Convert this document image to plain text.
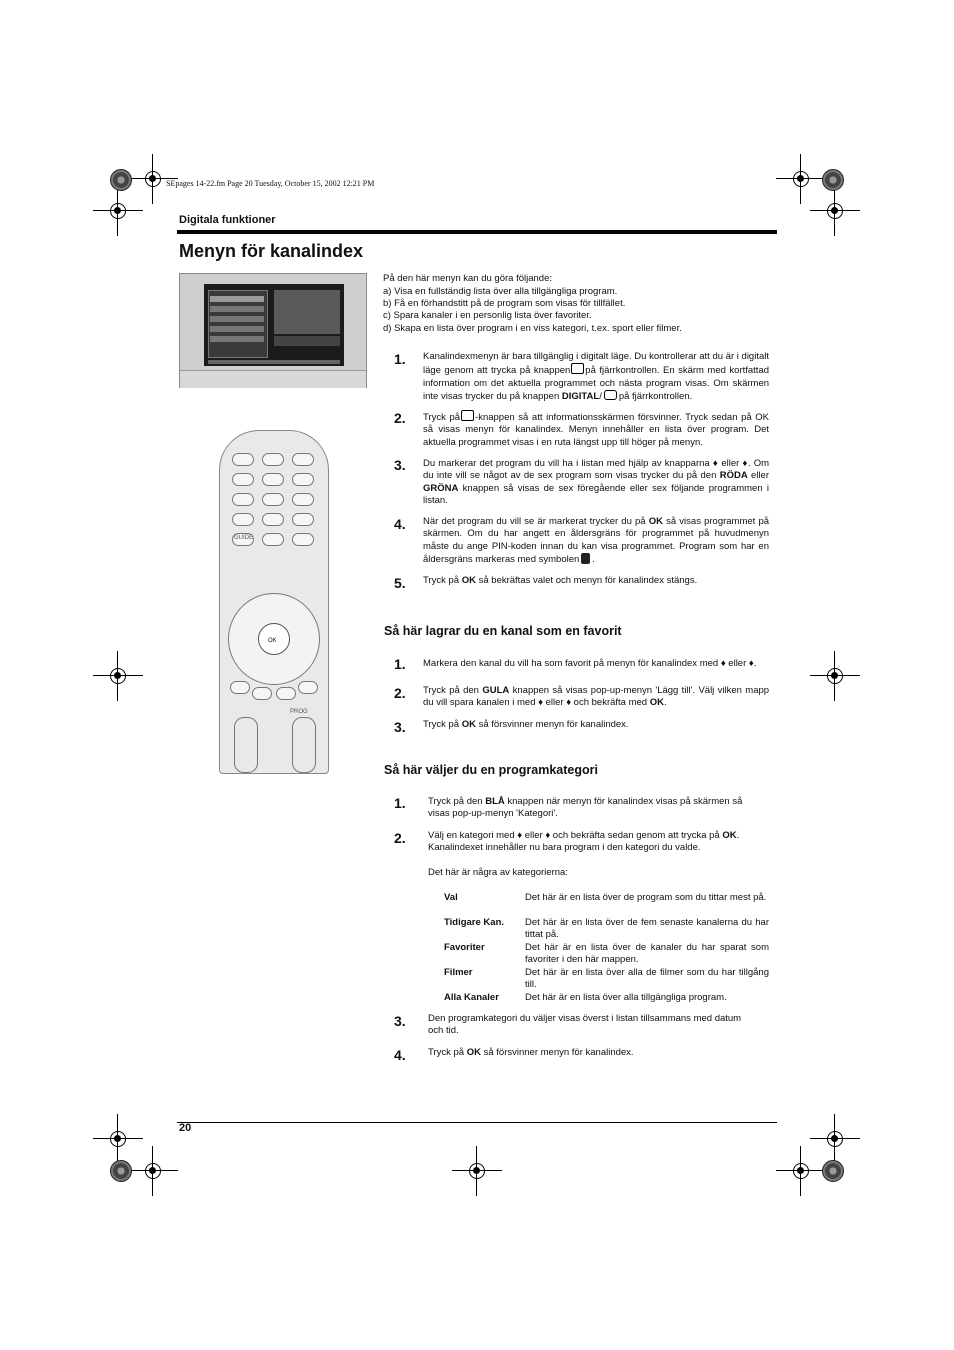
SEpages 14-22.fm Page 20 Tuesday, October 15, 2002 12:21 PM
Digitala funktioner
Menyn för kanalindex
GUIDE
OK
PROG
På den här menyn kan du göra följande:
a) Visa en fullständig lista över alla tillgängliga program.
b) Få en förhandstitt på de program som visas för tillfället.
c) Spara kanaler i en personlig lista över favoriter.
d) Skapa en lista över program i en viss kategori, t.ex. sport eller filmer.
1. Kanalindexmenyn är bara tillgänglig i digitalt läge. Du kontrollerar att du är i digitalt läge genom att trycka på knappen på fjärrkontrollen. En skärm med kortfattad information om det aktuella programmet och nästa program visas. Om skärmen inte visas trycker du på knappen DIGITAL/ på fjärrkontrollen.
2. Tryck på -knappen så att informationsskärmen försvinner. Tryck sedan på OK så visas menyn för kanalindex. Menyn innehåller en lista över program. Det aktuella programmet visas i en ruta längst upp till höger på menyn.
3. Du markerar det program du vill ha i listan med hjälp av knapparna ♦ eller ♦. Om du inte vill se något av de sex program som visas trycker du på den RÖDA eller GRÖNA knappen så visas de sex föregående eller sex följande programmen i listan.
4. När det program du vill se är markerat trycker du på OK så visas programmet på skärmen. Om du har angett en åldersgräns för programmet på huvudmenyn måste du ange PIN-koden innan du kan visa programmet. Program som har en åldersgräns markeras med symbolen .
5. Tryck på OK så bekräftas valet och menyn för kanalindex stängs.
Så här lagrar du en kanal som en favorit
1. Markera den kanal du vill ha som favorit på menyn för kanalindex med ♦ eller ♦.
2. Tryck på den GULA knappen så visas pop-up-menyn 'Lägg till'. Välj vilken mapp du vill spara kanalen i med ♦ eller ♦ och bekräfta med OK.
3. Tryck på OK så försvinner menyn för kanalindex.
Så här väljer du en programkategori
1. Tryck på den BLÅ knappen när menyn för kanalindex visas på skärmen så
visas pop-up-menyn 'Kategori'.
2. Välj en kategori med ♦ eller ♦ och bekräfta sedan genom att trycka på OK.
Kanalindexet innehåller nu bara program i den kategori du valde.
Det här är några av kategorierna:
Val	Det här är en lista över de program som du tittar mest på.
Tidigare Kan. Det här är en lista över de fem senaste kanalerna du har tittat på.
Favoriter	Det här är en lista över de kanaler du har sparat som favoriter i den här mappen.
Filmer	Det här är en lista över alla de filmer som du har tillgång till.
Alla Kanaler	Det här är en lista över alla tillgängliga program.
3. Den programkategori du väljer visas överst i listan tillsammans med datum
och tid.
4. Tryck på OK så försvinner menyn för kanalindex.
20
